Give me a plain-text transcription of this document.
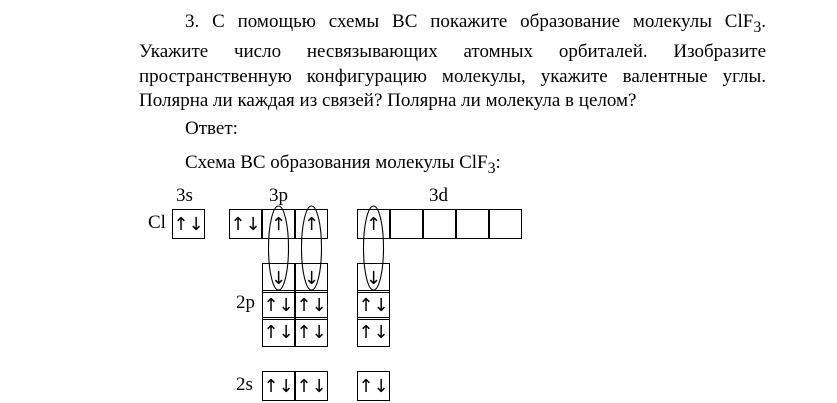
3. С помощью схемы ВС покажите образование молекулы ClF$_3$. Укажите число несвязывающих атомных орбиталей. Изобразите пространственную конфигурацию молекулы, укажите валентные углы. Полярна ли каждая из связей? Полярна ли молекула в целом?
Ответ:
Схема ВС образования молекулы ClF$_3$:
3s	3p	3d
Cl
2p
2s
↑↓ ↑↓ ↑ ↑	↑
↓
↑↓
↑↓
↑↓
↓
↑↓
↑↓
↑↓
↓
↑↓
↑↓
↑↓
